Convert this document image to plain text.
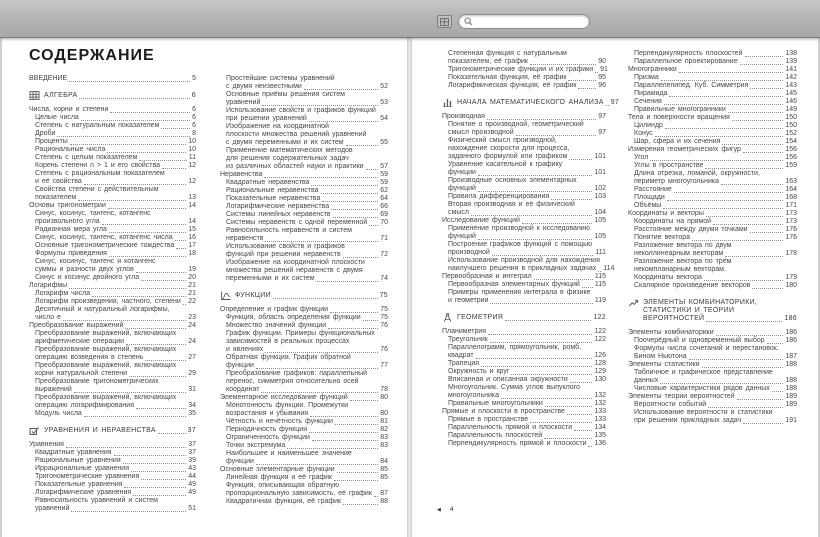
СОДЕРЖАНИЕ
ВВЕДЕНИЕ	5
АЛГЕБРА	6
Числа, корни и степени	6
Целые числа	6
Степень с натуральным показателем	6
Дроби	8
Проценты	10
Рациональные числа	10
Степень с целым показателем	11
Корень степени n > 1 и его свойства	12
Степень с рациональным показателем
и её свойства	12
Свойства степени с действительным
показателем	13
Основы тригонометрии	14
Синус, косинус, тангенс, котангенс
произвольного угла	14
Радианная мера угла	15
Синус, косинус, тангенс, котангенс числа 16
Основные тригонометрические тождества 17
Формулы приведения	18
Синус, косинус, тангенс и котангенс
суммы и разности двух углов	19
Синус и косинус двойного угла	20
Логарифмы	21
Логарифм числа	21
Логарифм произведения, частного, степени 22
Десятичный и натуральный логарифмы,
число е	23
Преобразование выражений	24
Преобразование выражений, включающих
арифметические операции	24
Преобразование выражений, включающих
операцию возведения в степень	27
Преобразование выражений, включающих
корни натуральной степени	29
Преобразование тригонометрических
выражений	31
Преобразование выражений, включающих
операцию логарифмирования	34
Модуль числа	35
УРАВНЕНИЯ И НЕРАВЕНСТВА	37
Уравнения	37
Квадратные уравнения	37
Рациональные уравнения	39
Иррациональные уравнения	43
Тригонометрические уравнения	44
Показательные уравнения	49
Логарифмические уравнения	49
Равносильность уравнений и систем
уравнений	51
Простейшие системы уравнений
с двумя неизвестными	52
Основные приёмы решения систем
уравнений	53
Использование свойств и графиков функций
при решении уравнений	54
Изображение на координатной
плоскости множества решений уравнений
с двумя переменными и их систем	55
Применение математических методов
для решения содержательных задач
из различных областей науки и практики 57
Неравенства	59
Квадратные неравенства	59
Рациональные неравенства	62
Показательные неравенства	64
Логарифмические неравенства	66
Системы линейных неравенств	69
Системы неравенств с одной переменной 70
Равносильность неравенств и систем
неравенств	71
Использование свойств и графиков
функций при решении неравенств	72
Изображение на координатной плоскости
множества решений неравенств с двумя
переменными и их систем	74
ФУНКЦИИ	75
Определение и график функции	75
Функция, область определения функции	75
Множество значений функции	76
График функции. Примеры функциональных
зависимостей в реальных процессах
и явлениях	76
Обратная функция. График обратной
функции	77
Преобразование графиков: параллельный
перенос, симметрия относительно осей
координат	78
Элементарное исследование функций	80
Монотонность функции. Промежутки
возрастания и убывания	80
Чётность и нечётность функции	81
Периодичность функции	82
Ограниченность функции	83
Точки экстремума	83
Наибольшее и наименьшее значение
функции	84
Основные элементарные функции	85
Линейная функция и её график	85
Функция, описывающая обратную
пропорциональную зависимость, её график 87
Квадратичная функция, её график	88
Степенная функция с натуральным
показателем, её график	90
Тригонометрические функции и их графики 91
Показательная функция, её график	95
Логарифмическая функция, её график	96
НАЧАЛА МАТЕМАТИЧЕСКОГО АНАЛИЗА 97
Производная	97
Понятие о производной, геометрический
смысл производной	97
Физический смысл производной,
нахождение скорости для процесса,
заданного формулой или графиком	101
Уравнение касательной к графику
функции	101
Производные основных элементарных
функций	102
Правила дифференцирования	103
Вторая производная и её физический
смысл	104
Исследование функций	105
Применение производной к исследованию
функций	105
Построение графиков функций с помощью
производной	111
Использование производной для нахождения
наилучшего решения в прикладных задачах 114
Первообразная и интеграл	115
Первообразная элементарных функций 115
Примеры применения интеграла в физике
и геометрии	119
ГЕОМЕТРИЯ	122
Планиметрия	122
Треугольник	122
Параллелограмм, прямоугольник, ромб,
квадрат	126
Трапеция	128
Окружность и круг	129
Вписанная и описанная окружности	130
Многоугольник. Сумма углов выпуклого
многоугольника	132
Правильные многоугольники	132
Прямые и плоскости в пространстве	133
Прямые в пространстве	133
Параллельность прямой и плоскости	134
Параллельность плоскостей	135
Перпендикулярность прямой и плоскости 136
Перпендикулярность плоскостей	138
Параллельное проектирование	139
Многогранники	141
Призма	142
Параллелепипед. Куб. Симметрия	143
Пирамида	145
Сечения	146
Правильные многогранники	149
Тела и поверхности вращения	150
Цилиндр	150
Конус	152
Шар, сфера и их сечения	154
Измерения геометрических фигур	156
Угол	156
Углы в пространстве	159
Длина отрезка, ломаной, окружности,
периметр многоугольника	163
Расстояние	164
Площади	168
Объёмы	171
Координаты и векторы	173
Координаты на прямой	173
Расстояние между двумя точками	176
Понятие вектора	176
Разложение вектора по двум
неколлинеарным векторам	178
Разложение вектора по трём
некомпланарным векторам.
Координаты вектора	179
Скалярное произведение векторов	180
ЭЛЕМЕНТЫ КОМБИНАТОРИКИ,
СТАТИСТИКИ И ТЕОРИИ
ВЕРОЯТНОСТЕЙ	186
Элементы комбинаторики	186
Поочерёдный и одновременный выбор	186
Формулы числа сочетаний и перестановок.
Бином Ньютона	187
Элементы статистики	188
Табличное и графическое представление
данных	188
Числовые характеристики рядов данных 188
Элементы теории вероятностей	189
Вероятности событий	189
Использование вероятности и статистики
при решении прикладных задач	191
◀ 4
